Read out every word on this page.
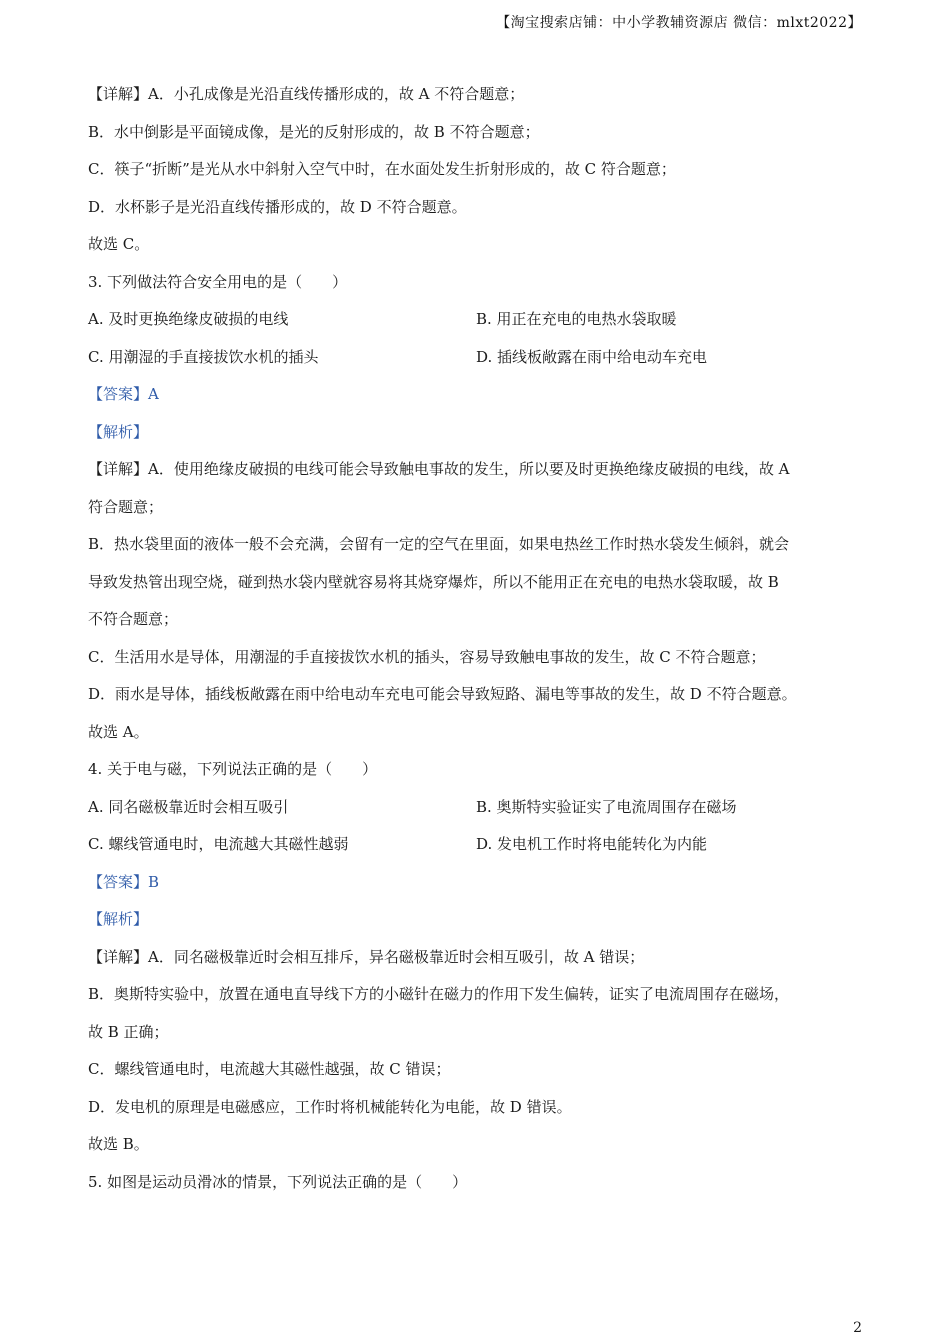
【淘宝搜索店铺：中小学教辅资源店 微信：mlxt2022】
【详解】A．小孔成像是光沿直线传播形成的，故 A 不符合题意；
B．水中倒影是平面镜成像，是光的反射形成的，故 B 不符合题意；
C．筷子“折断”是光从水中斜射入空气中时，在水面处发生折射形成的，故 C 符合题意；
D．水杯影子是光沿直线传播形成的，故 D 不符合题意。
故选 C。
3. 下列做法符合安全用电的是（　　）
A. 及时更换绝缘皮破损的电线	B. 用正在充电的电热水袋取暖
C. 用潮湿的手直接拔饮水机的插头	D. 插线板敞露在雨中给电动车充电
【答案】A
【解析】
【详解】A．使用绝缘皮破损的电线可能会导致触电事故的发生，所以要及时更换绝缘皮破损的电线，故 A
符合题意；
B．热水袋里面的液体一般不会充满，会留有一定的空气在里面，如果电热丝工作时热水袋发生倾斜，就会
导致发热管出现空烧，碰到热水袋内壁就容易将其烧穿爆炸，所以不能用正在充电的电热水袋取暖，故 B
不符合题意；
C．生活用水是导体，用潮湿的手直接拔饮水机的插头，容易导致触电事故的发生，故 C 不符合题意；
D．雨水是导体，插线板敞露在雨中给电动车充电可能会导致短路、漏电等事故的发生，故 D 不符合题意。
故选 A。
4. 关于电与磁，下列说法正确的是（　　）
A. 同名磁极靠近时会相互吸引	B. 奥斯特实验证实了电流周围存在磁场
C. 螺线管通电时，电流越大其磁性越弱	D. 发电机工作时将电能转化为内能
【答案】B
【解析】
【详解】A．同名磁极靠近时会相互排斥，异名磁极靠近时会相互吸引，故 A 错误；
B．奥斯特实验中，放置在通电直导线下方的小磁针在磁力的作用下发生偏转，证实了电流周围存在磁场，
故 B 正确；
C．螺线管通电时，电流越大其磁性越强，故 C 错误；
D．发电机的原理是电磁感应，工作时将机械能转化为电能，故 D 错误。
故选 B。
5. 如图是运动员滑冰的情景，下列说法正确的是（　　）
2
